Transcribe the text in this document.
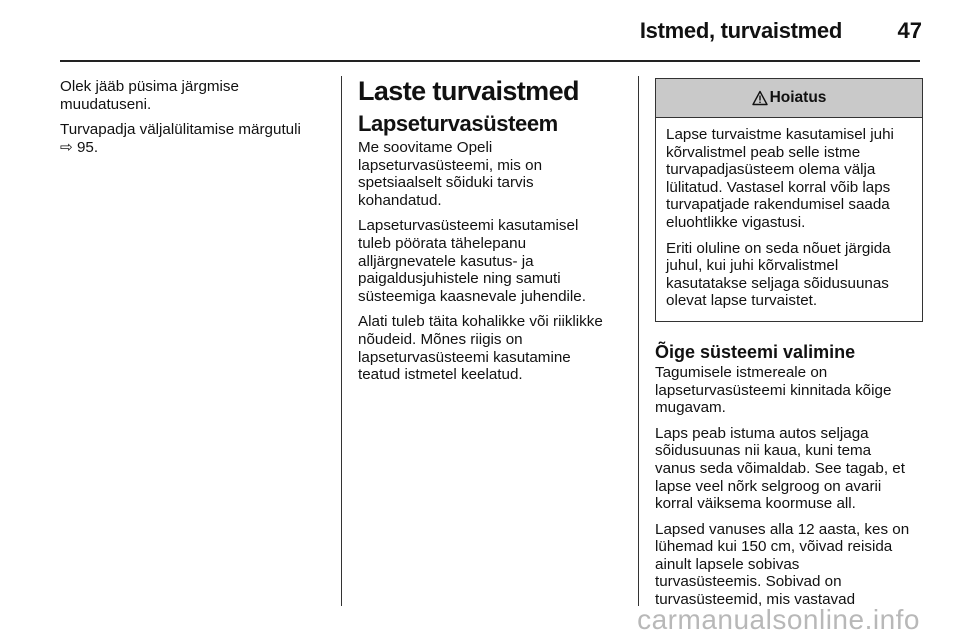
Istmed, turvaistmed	47

Olek jääb püsima järgmise
muudatuseni.

Turvapadja väljalülitamise märgutuli
⇨ 95.

Laste turvaistmed
Lapseturvasüsteem

Me soovitame Opeli
lapseturvasüsteemi, mis on
spetsiaalselt sõiduki tarvis
kohandatud.

Lapseturvasüsteemi kasutamisel
tuleb pöörata tähelepanu
alljärgnevatele kasutus- ja
paigaldusjuhistele ning samuti
süsteemiga kaasnevale juhendile.

Alati tuleb täita kohalikke või riiklikke
nõudeid. Mõnes riigis on
lapseturvasüsteemi kasutamine
teatud istmetel keelatud.

Hoiatus

Lapse turvaistme kasutamisel juhi
kõrvalistmel peab selle istme
turvapadjasüsteem olema välja
lülitatud. Vastasel korral võib laps
turvapatjade rakendumisel saada
eluohtlikke vigastusi.

Eriti oluline on seda nõuet järgida
juhul, kui juhi kõrvalistmel
kasutatakse seljaga sõidusuunas
olevat lapse turvaistet.

Õige süsteemi valimine

Tagumisele istmereale on
lapseturvasüsteemi kinnitada kõige
mugavam.

Laps peab istuma autos seljaga
sõidusuunas nii kaua, kuni tema
vanus seda võimaldab. See tagab, et
lapse veel nõrk selgroog on avarii
korral väiksema koormuse all.

Lapsed vanuses alla 12 aasta, kes on
lühemad kui 150 cm, võivad reisida
ainult lapsele sobivas
turvasüsteemis. Sobivad on
turvasüsteemid, mis vastavad

carmanualsonline.info
